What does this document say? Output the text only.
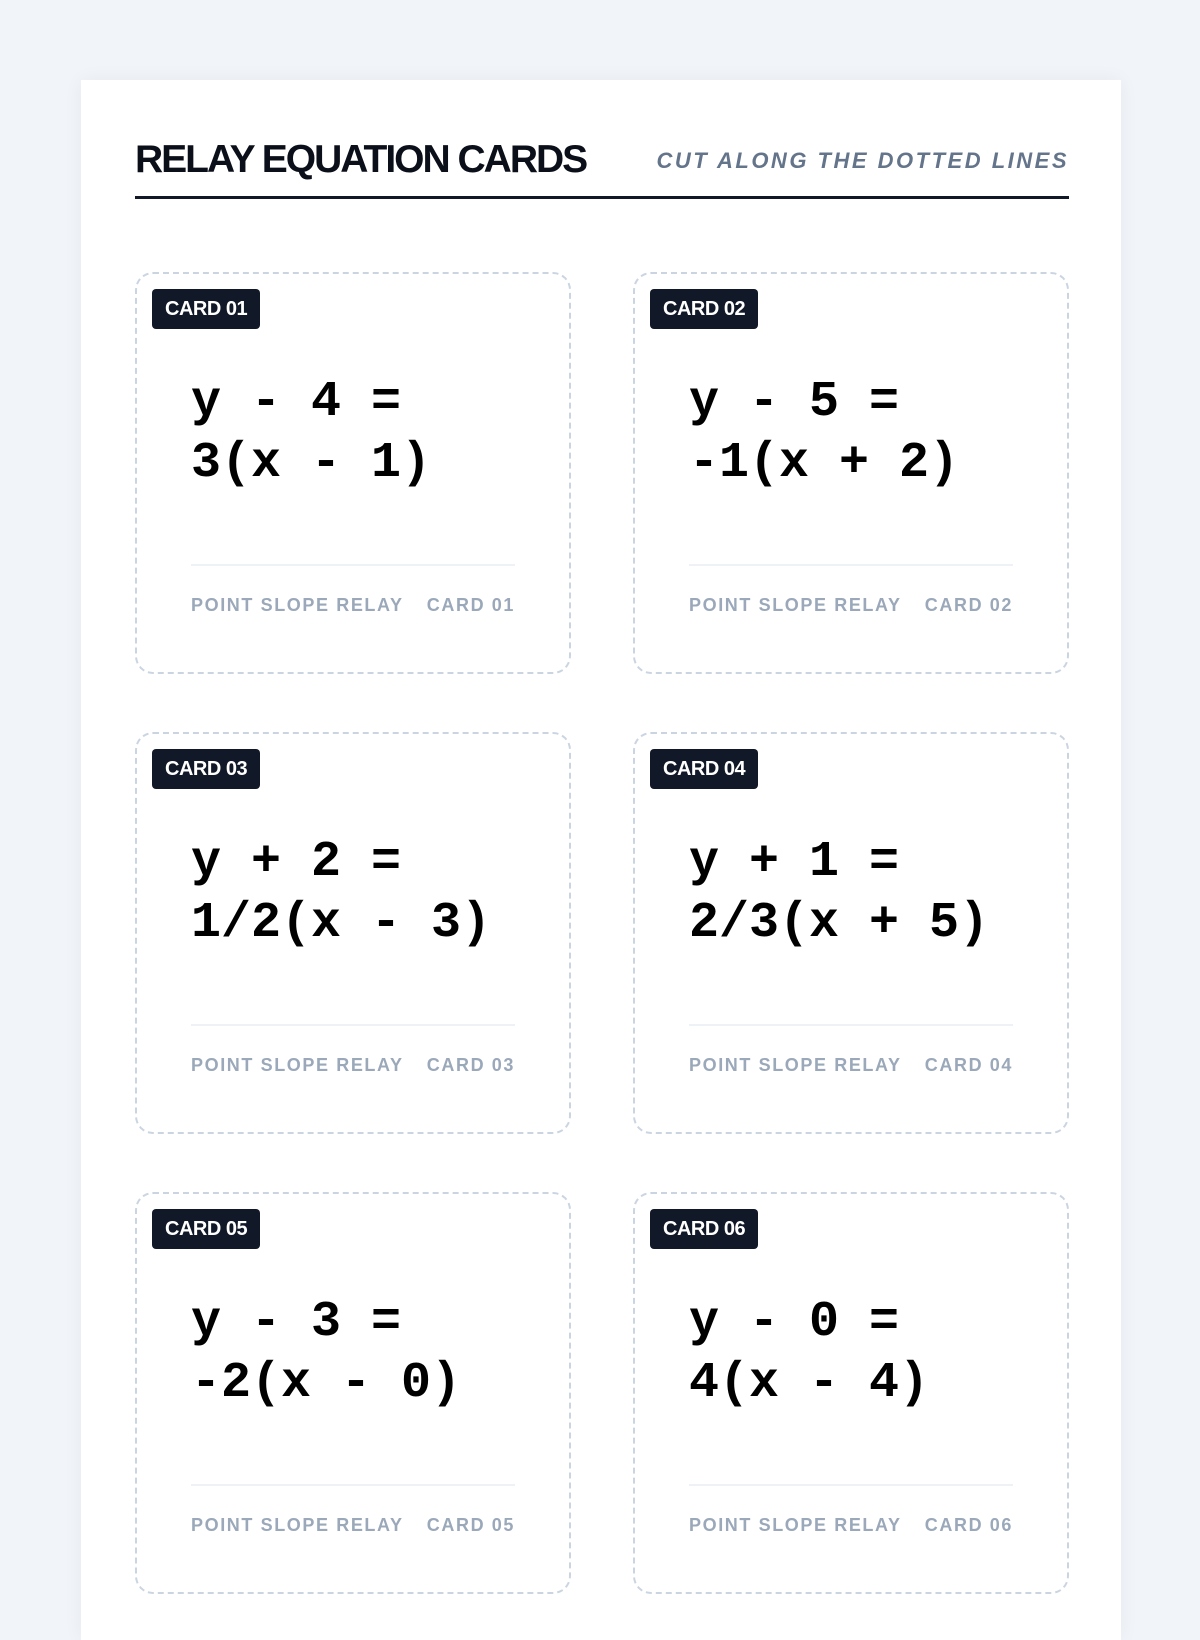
RELAY EQUATION CARDS	CUT ALONG THE DOTTED LINES
CARD 01
y - 4 =
3(x - 1)
POINT SLOPE RELAY CARD 01
CARD 02
y - 5 =
-1(x + 2)
POINT SLOPE RELAY CARD 02
CARD 03
y + 2 =
1/2(x - 3)
POINT SLOPE RELAY CARD 03
CARD 04
y + 1 =
2/3(x + 5)
POINT SLOPE RELAY CARD 04
CARD 05
y - 3 =
-2(x - 0)
POINT SLOPE RELAY CARD 05
CARD 06
y - 0 =
4(x - 4)
POINT SLOPE RELAY CARD 06
